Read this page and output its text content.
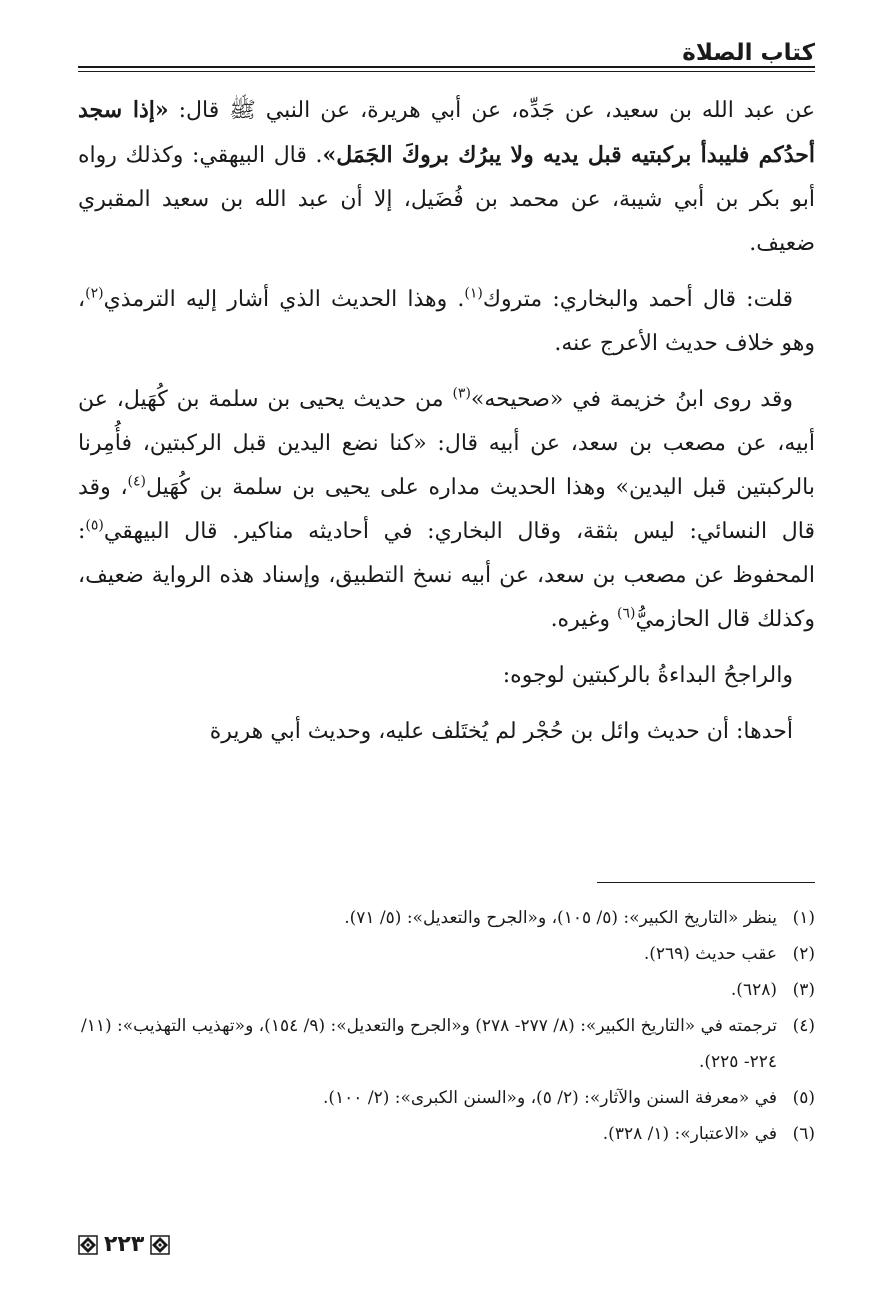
كتاب الصلاة

عن عبد الله بن سعيد، عن جَدِّه، عن أبي هريرة، عن النبي ﷺ قال: «إذا سجد أحدُكم فليبدأ بركبتيه قبل يديه ولا يبرُك بروكَ الجَمَل». قال البيهقي: وكذلك رواه أبو بكر بن أبي شيبة، عن محمد بن فُضَيل، إلا أن عبد الله بن سعيد المقبري ضعيف.

قلت: قال أحمد والبخاري: متروك$^{(١)}$. وهذا الحديث الذي أشار إليه الترمذي$^{(٢)}$، وهو خلاف حديث الأعرج عنه.

وقد روى ابنُ خزيمة في «صحيحه»$^{(٣)}$ من حديث يحيى بن سلمة بن كُهَيل، عن أبيه، عن مصعب بن سعد، عن أبيه قال: «كنا نضع اليدين قبل الركبتين، فأُمِرنا بالركبتين قبل اليدين» وهذا الحديث مداره على يحيى بن سلمة بن كُهَيل$^{(٤)}$، وقد قال النسائي: ليس بثقة، وقال البخاري: في أحاديثه مناكير. قال البيهقي$^{(٥)}$: المحفوظ عن مصعب بن سعد، عن أبيه نسخ التطبيق، وإسناد هذه الرواية ضعيف، وكذلك قال الحازميُّ$^{(٦)}$ وغيره.

والراجحُ البداءةُ بالركبتين لوجوه:

أحدها: أن حديث وائل بن حُجْر لم يُختَلف عليه، وحديث أبي هريرة

(١)
ينظر «التاريخ الكبير»: (٥/ ١٠٥)، و«الجرح والتعديل»: (٥/ ٧١).
(٢)
عقب حديث (٢٦٩).
(٣)
(٦٢٨).
(٤)
ترجمته في «التاريخ الكبير»: (٨/ ٢٧٧- ٢٧٨) و«الجرح والتعديل»: (٩/ ١٥٤)، و«تهذيب التهذيب»: (١١/ ٢٢٤- ٢٢٥).
(٥)
في «معرفة السنن والآثار»: (٢/ ٥)، و«السنن الكبرى»: (٢/ ١٠٠).
(٦)
في «الاعتبار»: (١/ ٣٢٨).
٢٢٣
